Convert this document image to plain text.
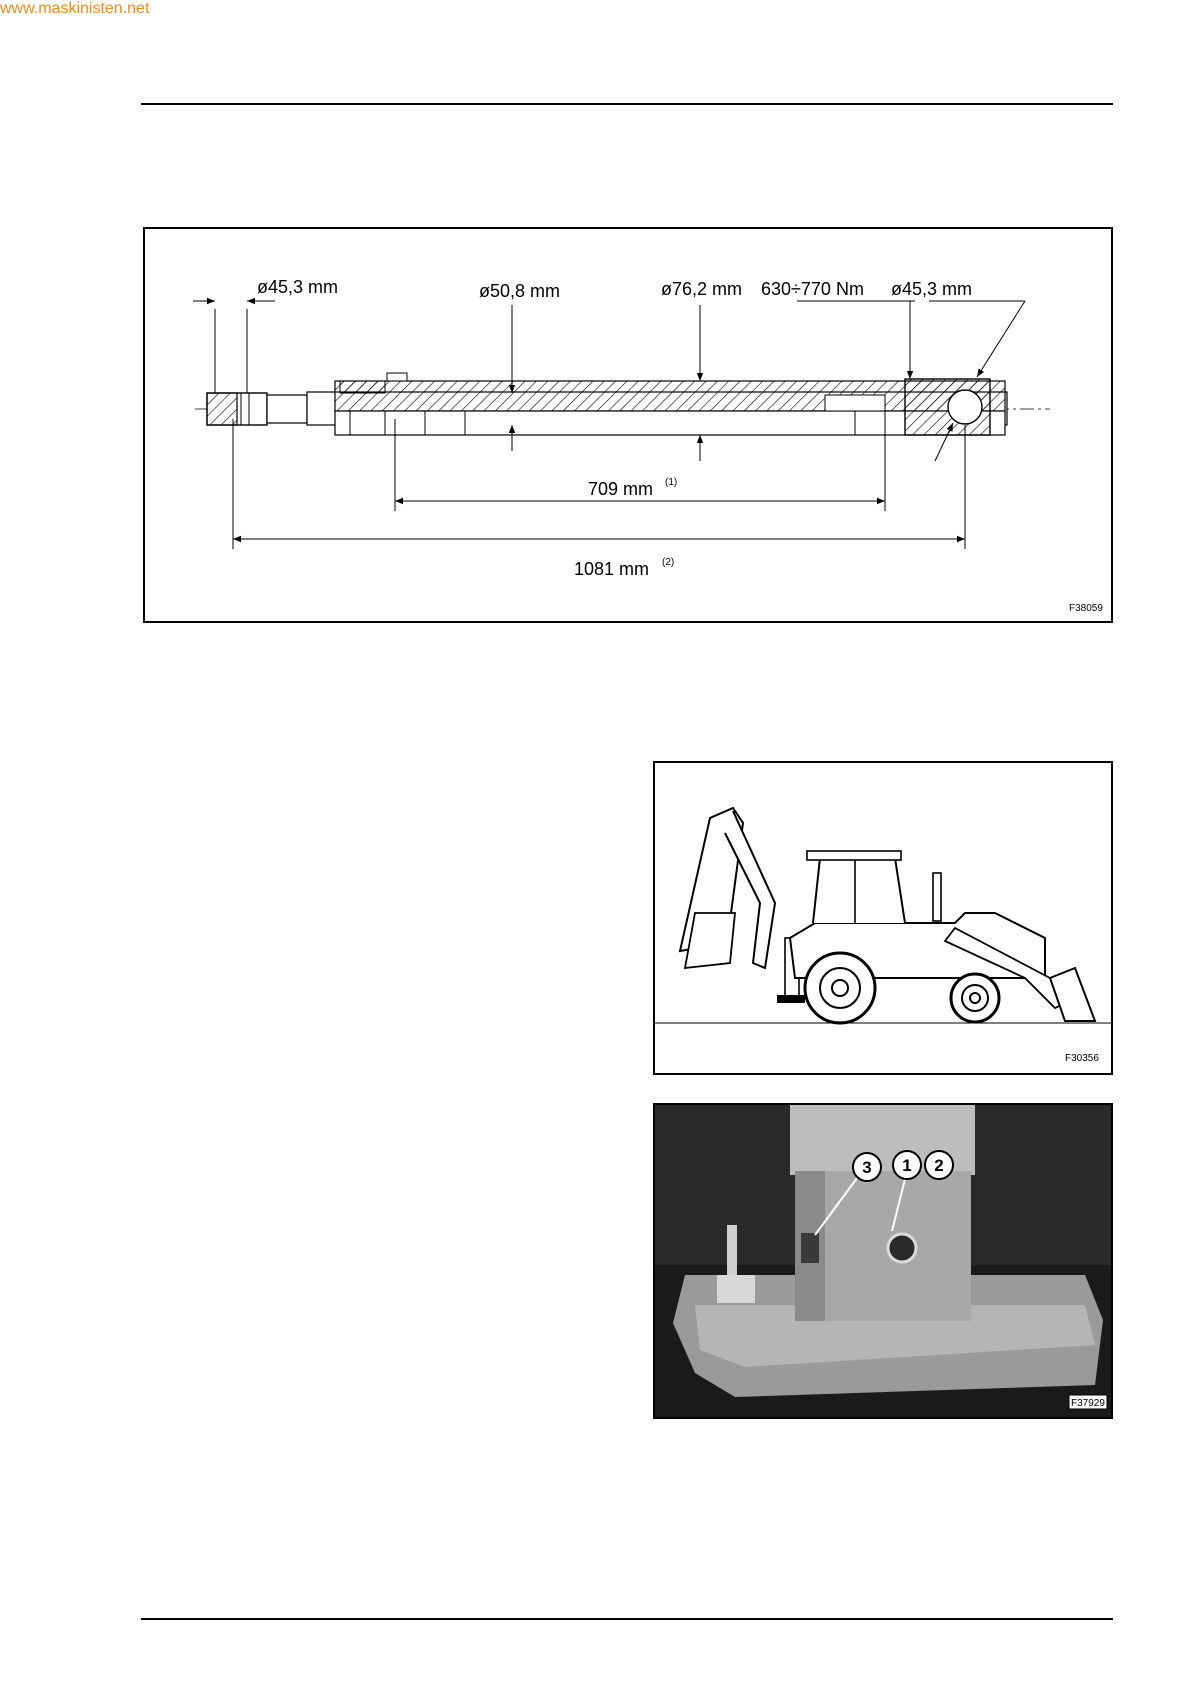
www.maskinisten.net
ø45,3 mm	ø50,8 mm	ø76,2 mm 630÷770 Nm ø45,3 mm
709 mm (1)
1081 mm (2)
F38059
F30356
3 1 2
F37929
